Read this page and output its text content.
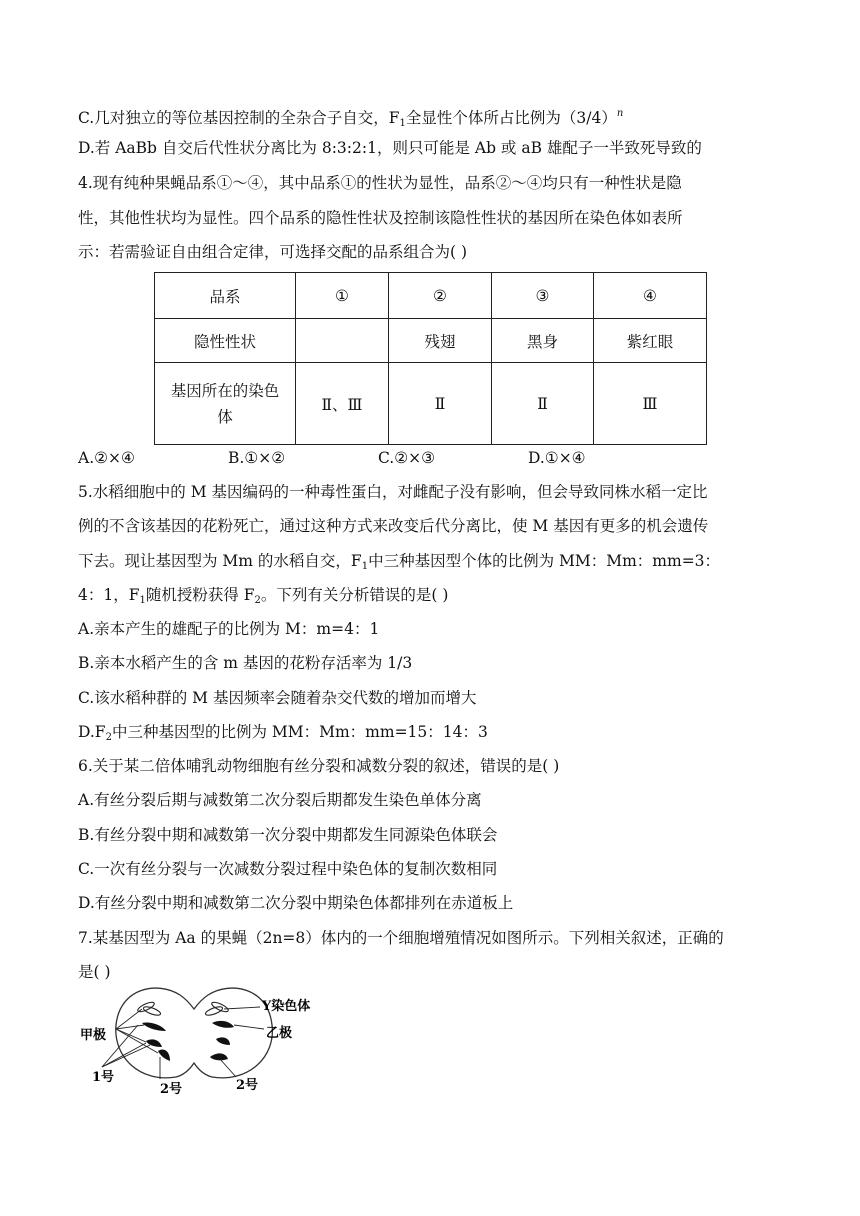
C.几对独立的等位基因控制的全杂合子自交，$F_1$全显性个体所占比例为$(3/4)^n$
D.若 AaBb 自交后代性状分离比为 8:3:2:1，则只可能是 Ab 或 aB 雄配子一半致死导致的
4.现有纯种果蝇品系①～④，其中品系①的性状为显性，品系②～④均只有一种性状是隐
性，其他性状均为显性。四个品系的隐性性状及控制该隐性性状的基因所在染色体如表所
示：若需验证自由组合定律，可选择交配的品系组合为( )
品系	①	②	③	④
隐性性状		残翅	黑身	紫红眼
基因所在的染色
体	Ⅱ、Ⅲ	Ⅱ	Ⅱ	Ⅲ
A.②×④	B.①×②	C.②×③	D.①×④
5.水稻细胞中的 M 基因编码的一种毒性蛋白，对雌配子没有影响，但会导致同株水稻一定比
例的不含该基因的花粉死亡，通过这种方式来改变后代分离比，使 M 基因有更多的机会遗传
下去。现让基因型为 Mm 的水稻自交，$F_1$中三种基因型个体的比例为 MM：Mm：mm=3：
4：1，$F_1$随机授粉获得 $F_2$。下列有关分析错误的是( )
A.亲本产生的雄配子的比例为 M：m=4：1
B.亲本水稻产生的含 m 基因的花粉存活率为 1/3
C.该水稻种群的 M 基因频率会随着杂交代数的增加而增大
$D.F_2$中三种基因型的比例为 MM：Mm：mm=15：14：3
6.关于某二倍体哺乳动物细胞有丝分裂和减数分裂的叙述，错误的是( )
A.有丝分裂后期与减数第二次分裂后期都发生染色单体分离
B.有丝分裂中期和减数第一次分裂中期都发生同源染色体联会
C.一次有丝分裂与一次减数分裂过程中染色体的复制次数相同
D.有丝分裂中期和减数第二次分裂中期染色体都排列在赤道板上
7.某基因型为 Aa 的果蝇（2n=8）体内的一个细胞增殖情况如图所示。下列相关叙述，正确的
是( )
甲极
Y染色体
乙极
1号
2号	2号
